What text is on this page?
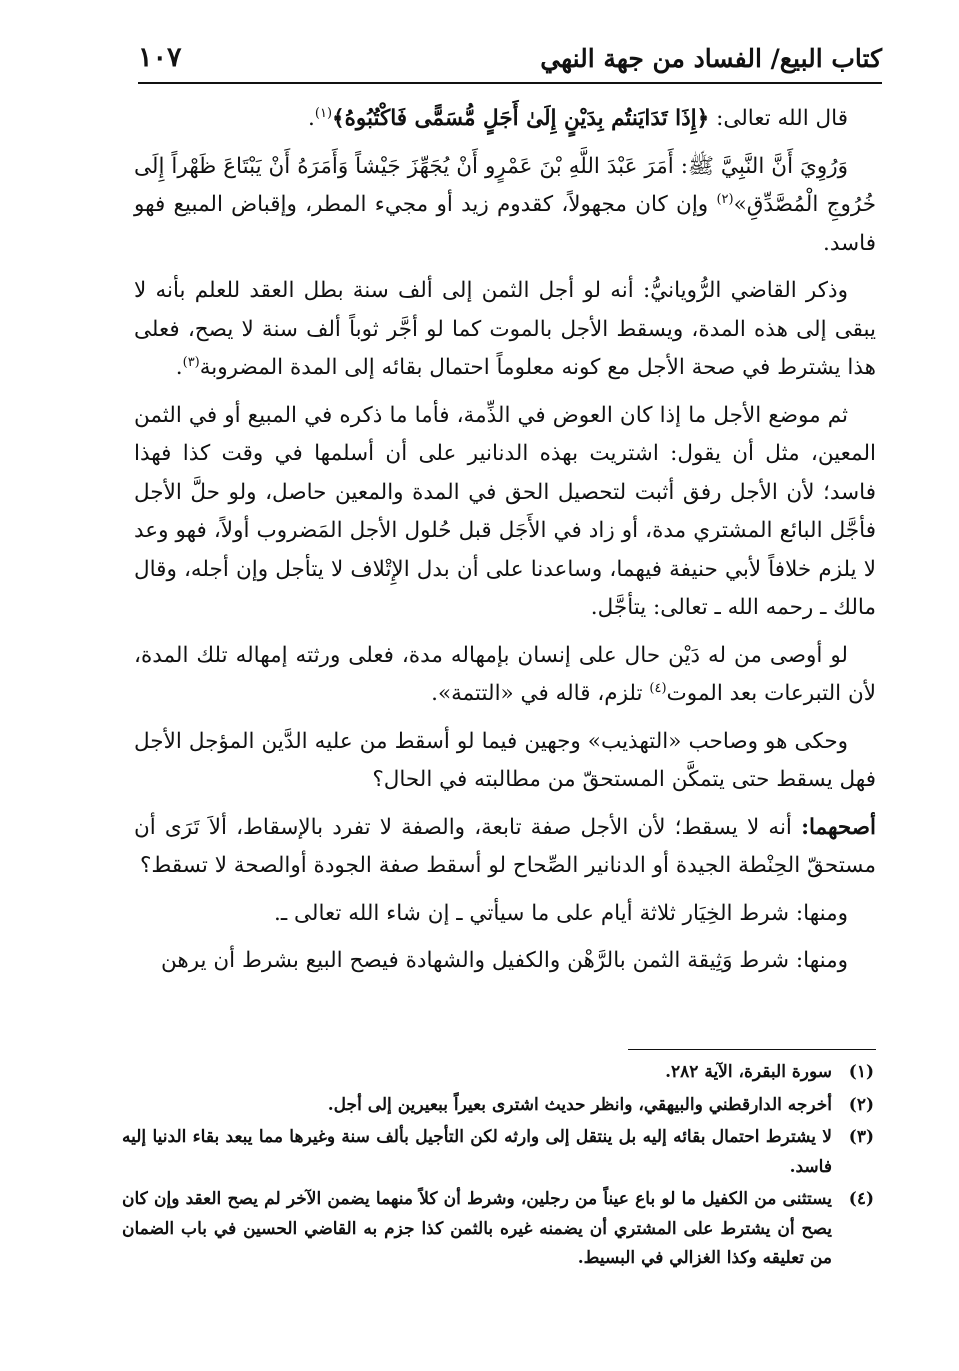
كتاب البيع/ الفساد من جهة النهي
١٠٧

قال الله تعالى: ﴿إِذَا تَدَايَنتُم بِدَيْنٍ إِلَىٰ أَجَلٍ مُّسَمًّى فَاكْتُبُوهُ﴾$^{(١)}$.

وَرُوِيَ أَنَّ النَّبِيَّ ﷺ: أَمَرَ عَبْدَ اللَّهِ بْنَ عَمْرٍو أَنْ يُجَهِّزَ جَيْشاً وَأَمَرَهُ أَنْ يَبْتَاعَ ظَهْراً إِلَى خُرُوجِ الْمُصَّدِّقِ»$^{(٢)}$ وإن كان مجهولاً، كقدوم زيد أو مجيء المطر، وإقباض المبيع فهو فاسد.

وذكر القاضي الرُّويانيُّ: أنه لو أجل الثمن إلى ألف سنة بطل العقد للعلم بأنه لا يبقى إلى هذه المدة، ويسقط الأجل بالموت كما لو أجَّر ثوباً ألف سنة لا يصح، فعلى هذا يشترط في صحة الأجل مع كونه معلوماً احتمال بقائه إلى المدة المضروبة$^{(٣)}$.

ثم موضع الأجل ما إذا كان العوض في الذِّمة، فأما ما ذكره في المبيع أو في الثمن المعين، مثل أن يقول: اشتريت بهذه الدنانير على أن أسلمها في وقت كذا فهذا فاسد؛ لأن الأجل رفق أثبت لتحصيل الحق في المدة والمعين حاصل، ولو حلَّ الأجل فأجَّل البائع المشتري مدة، أو زاد في الأَجَل قبل حُلول الأجل المَضروب أولاً، فهو وعد لا يلزم خلافاً لأبي حنيفة فيهما، وساعدنا على أن بدل الإِتْلاف لا يتأجل وإن أجله، وقال مالك ـ رحمه الله ـ تعالى: يتأجَّل.

لو أوصى من له دَيْن حال على إنسان بإمهاله مدة، فعلى ورثته إمهاله تلك المدة، لأن التبرعات بعد الموت$^{(٤)}$ تلزم، قاله في «التتمة».

وحكى هو وصاحب «التهذيب» وجهين فيما لو أسقط من عليه الدَّين المؤجل الأجل فهل يسقط حتى يتمكَّن المستحقّ من مطالبته في الحال؟

أصحهما: أنه لا يسقط؛ لأن الأجل صفة تابعة، والصفة لا تفرد بالإسقاط، ألاَ تَرَى أن مستحقّ الحِنْطة الجيدة أو الدنانير الصِّحاح لو أسقط صفة الجودة أوالصحة لا تسقط؟

ومنها: شرط الخِيَار ثلاثة أيام على ما سيأتي ـ إن شاء الله تعالى ـ.

ومنها: شرط وَثِيقة الثمن بالرَّهْن والكفيل والشهادة فيصح البيع بشرط أن يرهن

(١)
سورة البقرة، الآية ٢٨٢.
(٢)
أخرجه الدارقطني والبيهقي، وانظر حديث اشترى بعيراً ببعيرين إلى أجل.
(٣)
لا يشترط احتمال بقائه إليه بل ينتقل إلى وارثه لكن التأجيل بألف سنة وغيرها مما يبعد بقاء الدنيا إليه فاسد.
(٤)
يستثنى من الكفيل ما لو باع عيناً من رجلين، وشرط أن كلاً منهما يضمن الآخر لم يصح العقد وإن كان يصح أن يشترط على المشتري أن يضمنه غيره بالثمن كذا جزم به القاضي الحسين في باب الضمان من تعليقه وكذا الغزالي في البسيط.
